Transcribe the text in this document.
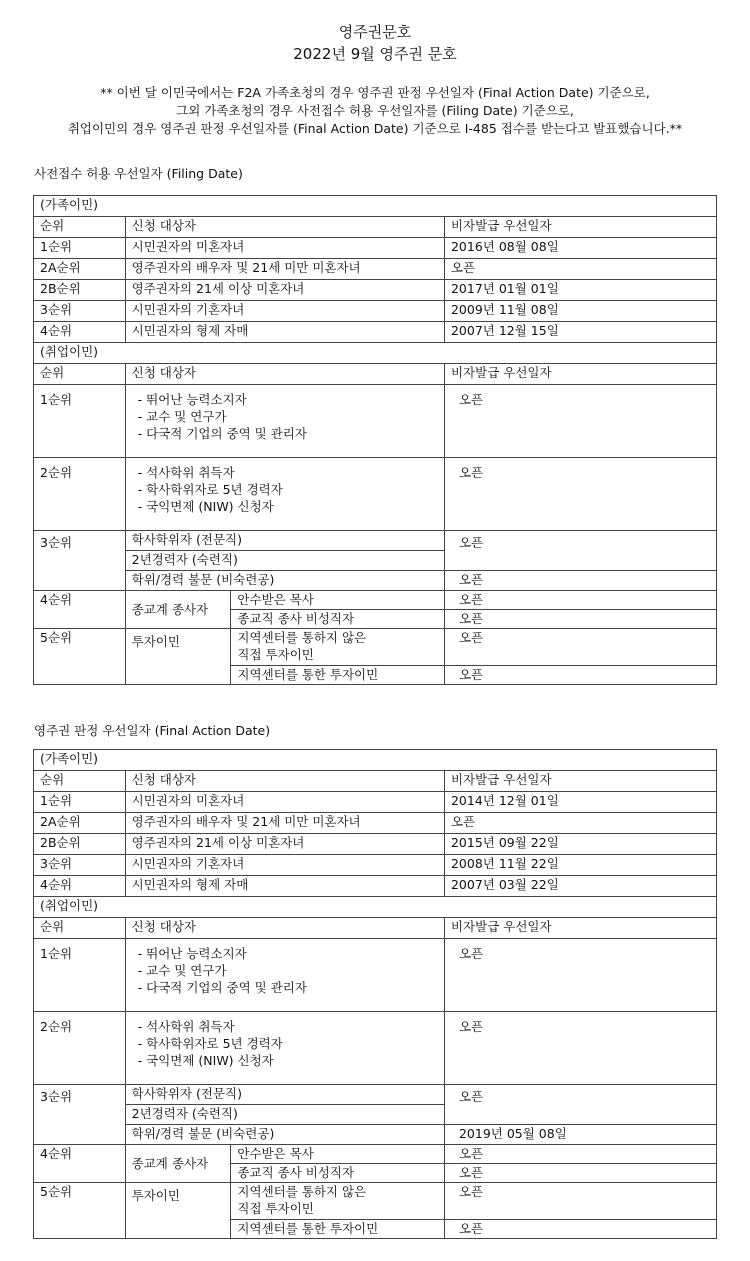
영주권문호
2022년 9월 영주권 문호
** 이번 달 이민국에서는 F2A 가족초청의 경우 영주권 판정 우선일자 (Final Action Date) 기준으로,
그외 가족초청의 경우 사전접수 허용 우선일자를 (Filing Date) 기준으로,
취업이민의 경우 영주권 판정 우선일자를 (Final Action Date) 기준으로 I-485 접수를 받는다고 발표했습니다.**
사전접수 허용 우선일자 (Filing Date)
(가족이민)			
순위	신청 대상자		비자발급 우선일자
1순위	시민권자의 미혼자녀		2016년 08월 08일
2A순위	영주권자의 배우자 및 21세 미만 미혼자녀		오픈
2B순위	영주권자의 21세 이상 미혼자녀		2017년 01월 01일
3순위	시민권자의 기혼자녀		2009년 11월 08일
4순위	시민권자의 형제 자매		2007년 12월 15일
(취업이민)			
순위	신청 대상자		비자발급 우선일자
1순위	- 뛰어난 능력소지자
- 교수 및 연구가
- 다국적 기업의 중역 및 관리자		오픈
2순위	- 석사학위 취득자
- 학사학위자로 5년 경력자
- 국익면제 (NIW) 신청자		오픈
3순위	학사학위자 (전문직)		오픈
	2년경력자 (숙련직)		
	학위/경력 불문 (비숙련공)		오픈
4순위	종교계 종사자	안수받은 목사	오픈
		종교직 종사 비성직자	오픈
5순위	투자이민	지역센터를 통하지 않은
직접 투자이민	오픈
		지역센터를 통한 투자이민	오픈
영주권 판정 우선일자 (Final Action Date)
(가족이민)			
순위	신청 대상자		비자발급 우선일자
1순위	시민권자의 미혼자녀		2014년 12월 01일
2A순위	영주권자의 배우자 및 21세 미만 미혼자녀		오픈
2B순위	영주권자의 21세 이상 미혼자녀		2015년 09월 22일
3순위	시민권자의 기혼자녀		2008년 11월 22일
4순위	시민권자의 형제 자매		2007년 03월 22일
(취업이민)			
순위	신청 대상자		비자발급 우선일자
1순위	- 뛰어난 능력소지자
- 교수 및 연구가
- 다국적 기업의 중역 및 관리자		오픈
2순위	- 석사학위 취득자
- 학사학위자로 5년 경력자
- 국익면제 (NIW) 신청자		오픈
3순위	학사학위자 (전문직)		오픈
	2년경력자 (숙련직)		
	학위/경력 불문 (비숙련공)		2019년 05월 08일
4순위	종교계 종사자	안수받은 목사	오픈
		종교직 종사 비성직자	오픈
5순위	투자이민	지역센터를 통하지 않은
직접 투자이민	오픈
		지역센터를 통한 투자이민	오픈
